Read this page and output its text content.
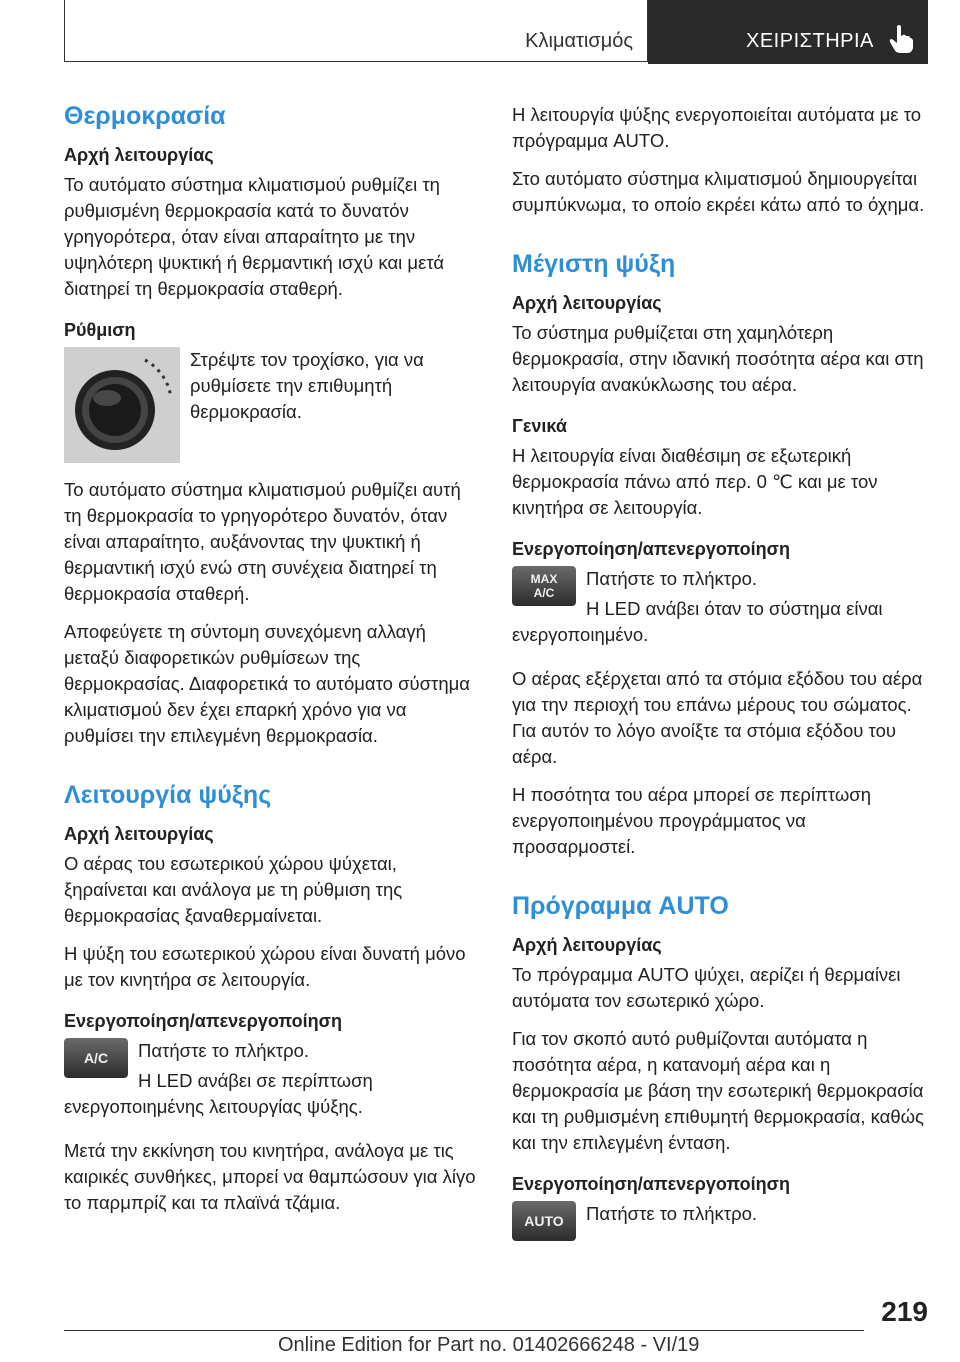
Κλιματισμός	ΧΕΙΡΙΣΤΗΡΙΑ
Θερμοκρασία
Αρχή λειτουργίας

Το αυτόματο σύστημα κλιματισμού ρυθμίζει τη ρυθμισμένη θερμοκρασία κατά το δυνατόν γρηγορότερα, όταν είναι απαραίτητο με την υψηλότερη ψυκτική ή θερμαντική ισχύ και μετά διατηρεί τη θερμοκρασία σταθερή.

Ρύθμιση

Στρέψτε τον τροχίσκο, για να ρυθμίσετε την επιθυμητή θερμοκρασία.

Το αυτόματο σύστημα κλιματισμού ρυθμίζει αυτή τη θερμοκρασία το γρηγορότερο δυνατόν, όταν είναι απαραίτητο, αυξάνοντας την ψυκτική ή θερμαντική ισχύ ενώ στη συνέχεια διατηρεί τη θερμοκρασία σταθερή.

Αποφεύγετε τη σύντομη συνεχόμενη αλλαγή μεταξύ διαφορετικών ρυθμίσεων της θερμοκρασίας. Διαφορετικά το αυτόματο σύστημα κλιματισμού δεν έχει επαρκή χρόνο για να ρυθμίσει την επιλεγμένη θερμοκρασία.

Λειτουργία ψύξης
Αρχή λειτουργίας

Ο αέρας του εσωτερικού χώρου ψύχεται, ξηραίνεται και ανάλογα με τη ρύθμιση της θερμοκρασίας ξαναθερμαίνεται.

Η ψύξη του εσωτερικού χώρου είναι δυνατή μόνο με τον κινητήρα σε λειτουργία.

Ενεργοποίηση/απενεργοποίηση
A/C	Πατήστε το πλήκτρο.

Η LED ανάβει σε περίπτωση ενεργοποιημένης λειτουργίας ψύξης.

Μετά την εκκίνηση του κινητήρα, ανάλογα με τις καιρικές συνθήκες, μπορεί να θαμπώσουν για λίγο το παρμπρίζ και τα πλαϊνά τζάμια.

Η λειτουργία ψύξης ενεργοποιείται αυτόματα με το πρόγραμμα AUTO.

Στο αυτόματο σύστημα κλιματισμού δημιουργείται συμπύκνωμα, το οποίο εκρέει κάτω από το όχημα.

Μέγιστη ψύξη
Αρχή λειτουργίας

Το σύστημα ρυθμίζεται στη χαμηλότερη θερμοκρασία, στην ιδανική ποσότητα αέρα και στη λειτουργία ανακύκλωσης του αέρα.

Γενικά

Η λειτουργία είναι διαθέσιμη σε εξωτερική θερμοκρασία πάνω από περ. 0 ℃ και με τον κινητήρα σε λειτουργία.

Ενεργοποίηση/απενεργοποίηση
MAX
A/C

Πατήστε το πλήκτρο.

Η LED ανάβει όταν το σύστημα είναι ενεργοποιημένο.

Ο αέρας εξέρχεται από τα στόμια εξόδου του αέρα για την περιοχή του επάνω μέρους του σώματος. Για αυτόν το λόγο ανοίξτε τα στόμια εξόδου του αέρα.

Η ποσότητα του αέρα μπορεί σε περίπτωση ενεργοποιημένου προγράμματος να προσαρμοστεί.

Πρόγραμμα AUTO
Αρχή λειτουργίας

Το πρόγραμμα AUTO ψύχει, αερίζει ή θερμαίνει αυτόματα τον εσωτερικό χώρο.

Για τον σκοπό αυτό ρυθμίζονται αυτόματα η ποσότητα αέρα, η κατανομή αέρα και η θερμοκρασία με βάση την εσωτερική θερμοκρασία και τη ρυθμισμένη επιθυμητή θερμοκρασία, καθώς και την επιλεγμένη ένταση.

Ενεργοποίηση/απενεργοποίηση
AUTO	Πατήστε το πλήκτρο.

219
Online Edition for Part no. 01402666248 - VI/19
